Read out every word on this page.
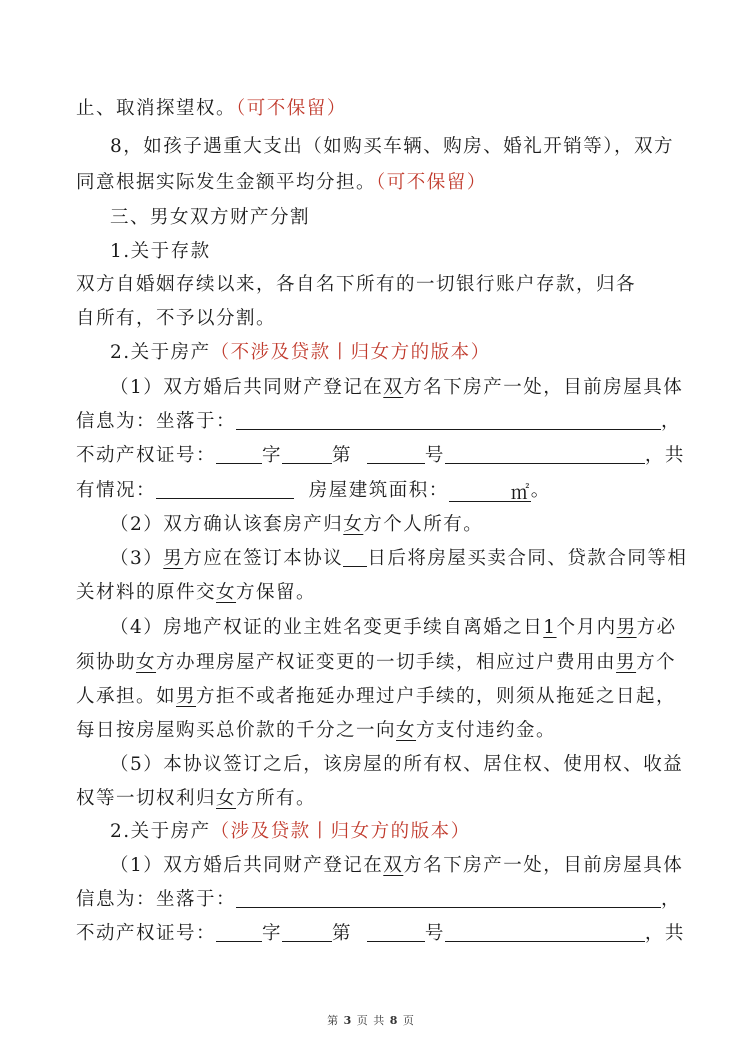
止、取消探望权。（可不保留）
8，如孩子遇重大支出（如购买车辆、购房、婚礼开销等），双方
同意根据实际发生金额平均分担。（可不保留）
三、男女双方财产分割
1.关于存款
双方自婚姻存续以来，各自名下所有的一切银行账户存款，归各
自所有，不予以分割。
2.关于房产（不涉及贷款丨归女方的版本）
（1）双方婚后共同财产登记在双方名下房产一处，目前房屋具体
信息为：坐落于：	，
不动产权证号： 字	第	号	，共
有情况：	房屋建筑面积：	㎡。
（2）双方确认该套房产归女方个人所有。
（3）男方应在签订本协议 日后将房屋买卖合同、贷款合同等相
关材料的原件交女方保留。
（4）房地产权证的业主姓名变更手续自离婚之日1个月内男方必
须协助女方办理房屋产权证变更的一切手续，相应过户费用由男方个
人承担。如男方拒不或者拖延办理过户手续的，则须从拖延之日起，
每日按房屋购买总价款的千分之一向女方支付违约金。
（5）本协议签订之后，该房屋的所有权、居住权、使用权、收益
权等一切权利归女方所有。
2.关于房产（涉及贷款丨归女方的版本）
（1）双方婚后共同财产登记在双方名下房产一处，目前房屋具体
信息为：坐落于：	，
不动产权证号： 字	第	号	，共
第 3 页 共 8 页
